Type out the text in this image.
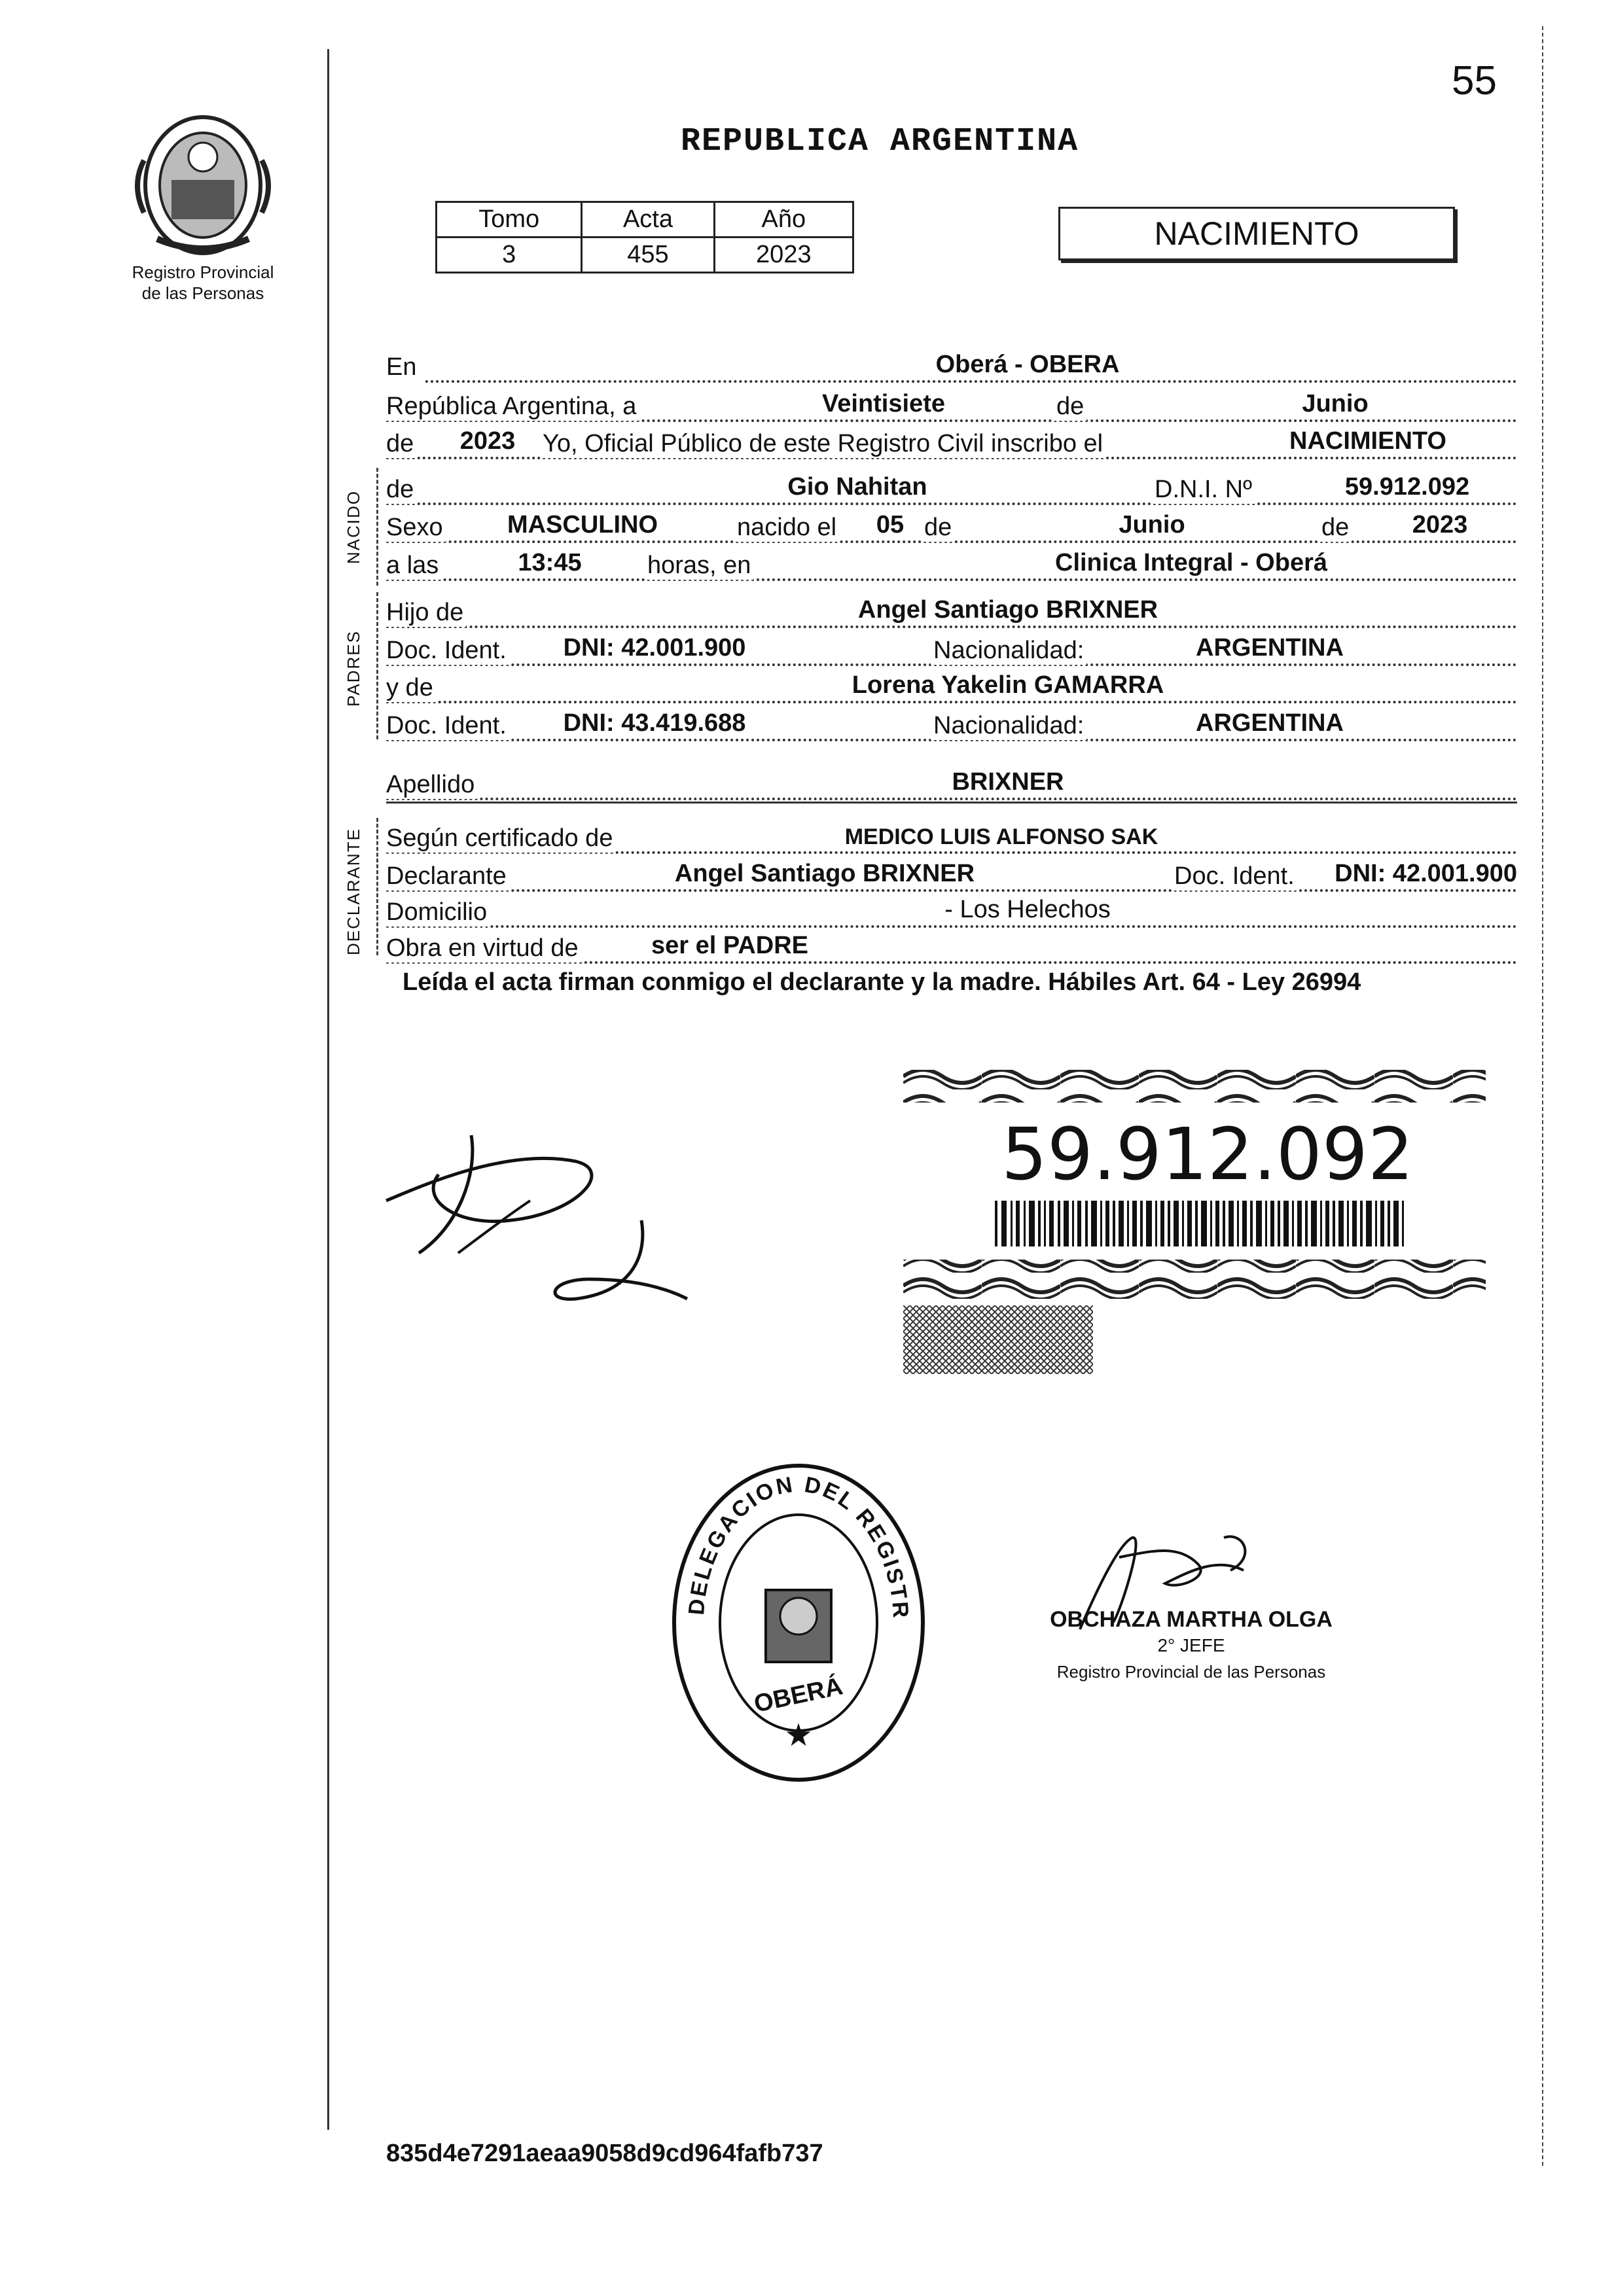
55
Registro Provincial
de las Personas
REPUBLICA ARGENTINA
Tomo	Acta	Año
3	455	2023
NACIMIENTO
En	Oberá - OBERA
República Argentina, a	Veintisiete	de	Junio
de	2023	Yo, Oficial Público de este Registro Civil inscribo el	NACIMIENTO
NACIDO
de	Gio Nahitan	D.N.I. Nº	59.912.092
Sexo	MASCULINO	nacido el	05 de	Junio	de	2023
a las	13:45	horas, en	Clinica Integral - Oberá
PADRES
Hijo de	Angel Santiago BRIXNER
Doc. Ident.	DNI: 42.001.900	Nacionalidad:	ARGENTINA
y de	Lorena Yakelin GAMARRA
Doc. Ident.	DNI: 43.419.688	Nacionalidad:	ARGENTINA
Apellido	BRIXNER
DECLARANTE Según certificado de	MEDICO LUIS ALFONSO SAK
Declarante	Angel Santiago BRIXNER	Doc. Ident.	DNI: 42.001.900
Domicilio	- Los Helechos
Obra en virtud de	ser el PADRE
Leída el acta firman conmigo el declarante y la madre. Hábiles Art. 64 - Ley 26994
59.912.092
DELEGACION DEL REGISTR
★
OBERÁ
OBCHAZA MARTHA OLGA
2° JEFE
Registro Provincial de las Personas
835d4e7291aeaa9058d9cd964fafb737
